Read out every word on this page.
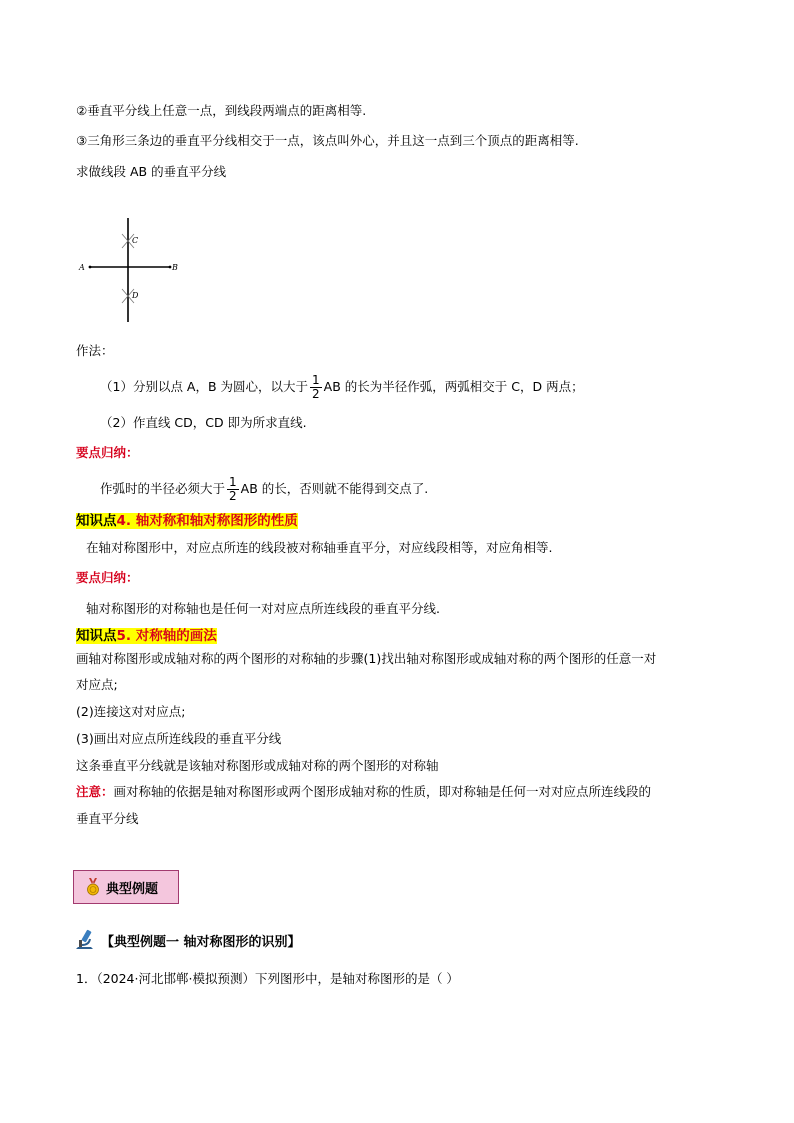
②垂直平分线上任意一点，到线段两端点的距离相等.
③三角形三条边的垂直平分线相交于一点，该点叫外心，并且这一点到三个顶点的距离相等.
求做线段 AB 的垂直平分线
A	B
C
D
作法：
（1）分别以点 A，B 为圆心，以大于 $\frac{1}{2}$ AB 的长为半径作弧，两弧相交于 C，D 两点；
（2）作直线 CD，CD 即为所求直线.
要点归纳：
作弧时的半径必须大于 $\frac{1}{2}$ AB 的长，否则就不能得到交点了.
知识点4. 轴对称和轴对称图形的性质
在轴对称图形中，对应点所连的线段被对称轴垂直平分，对应线段相等，对应角相等.
要点归纳：
轴对称图形的对称轴也是任何一对对应点所连线段的垂直平分线.
知识点5. 对称轴的画法
画轴对称图形或成轴对称的两个图形的对称轴的步骤(1)找出轴对称图形或成轴对称的两个图形的任意一对
对应点;
(2)连接这对对应点;
(3)画出对应点所连线段的垂直平分线
这条垂直平分线就是该轴对称图形或成轴对称的两个图形的对称轴
注意：画对称轴的依据是轴对称图形或两个图形成轴对称的性质，即对称轴是任何一对对应点所连线段的
垂直平分线
典型例题
【典型例题一 轴对称图形的识别】
1．（2024·河北邯郸·模拟预测）下列图形中，是轴对称图形的是（ ）
